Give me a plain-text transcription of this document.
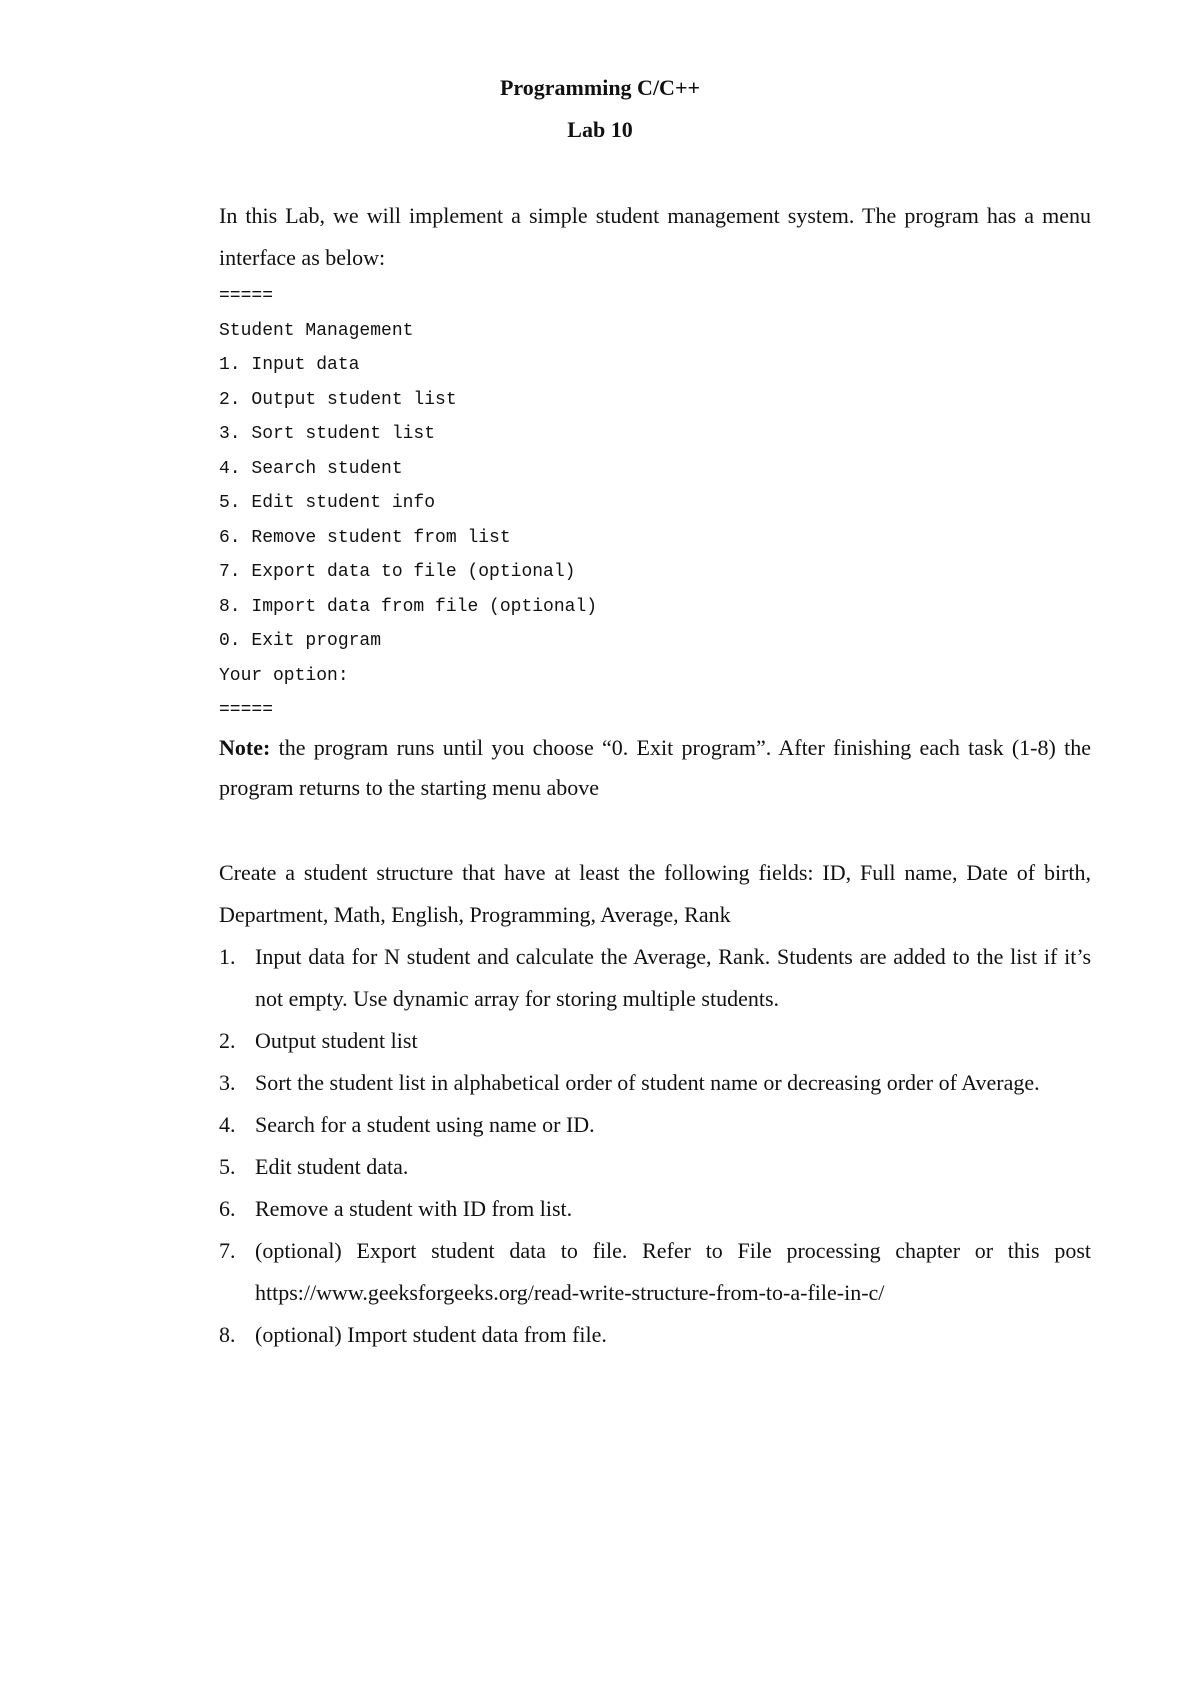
Programming C/C++
Lab 10

In this Lab, we will implement a simple student management system. The program has a menu interface as below:

=====
Student Management
1. Input data
2. Output student list
3. Sort student list
4. Search student
5. Edit student info
6. Remove student from list
7. Export data to file (optional)
8. Import data from file (optional)
0. Exit program
Your option:
=====

Note: the program runs until you choose “0. Exit program”. After finishing each task (1-8) the program returns to the starting menu above

Create a student structure that have at least the following fields: ID, Full name, Date of birth, Department, Math, English, Programming, Average, Rank

1. Input data for N student and calculate the Average, Rank. Students are added to the list if it’s not empty. Use dynamic array for storing multiple students.
2. Output student list
3. Sort the student list in alphabetical order of student name or decreasing order of Average.
4. Search for a student using name or ID.
5. Edit student data.
6. Remove a student with ID from list.
7. (optional) Export student data to file. Refer to File processing chapter or this post https://www.geeksforgeeks.org/read-write-structure-from-to-a-file-in-c/
8. (optional) Import student data from file.
